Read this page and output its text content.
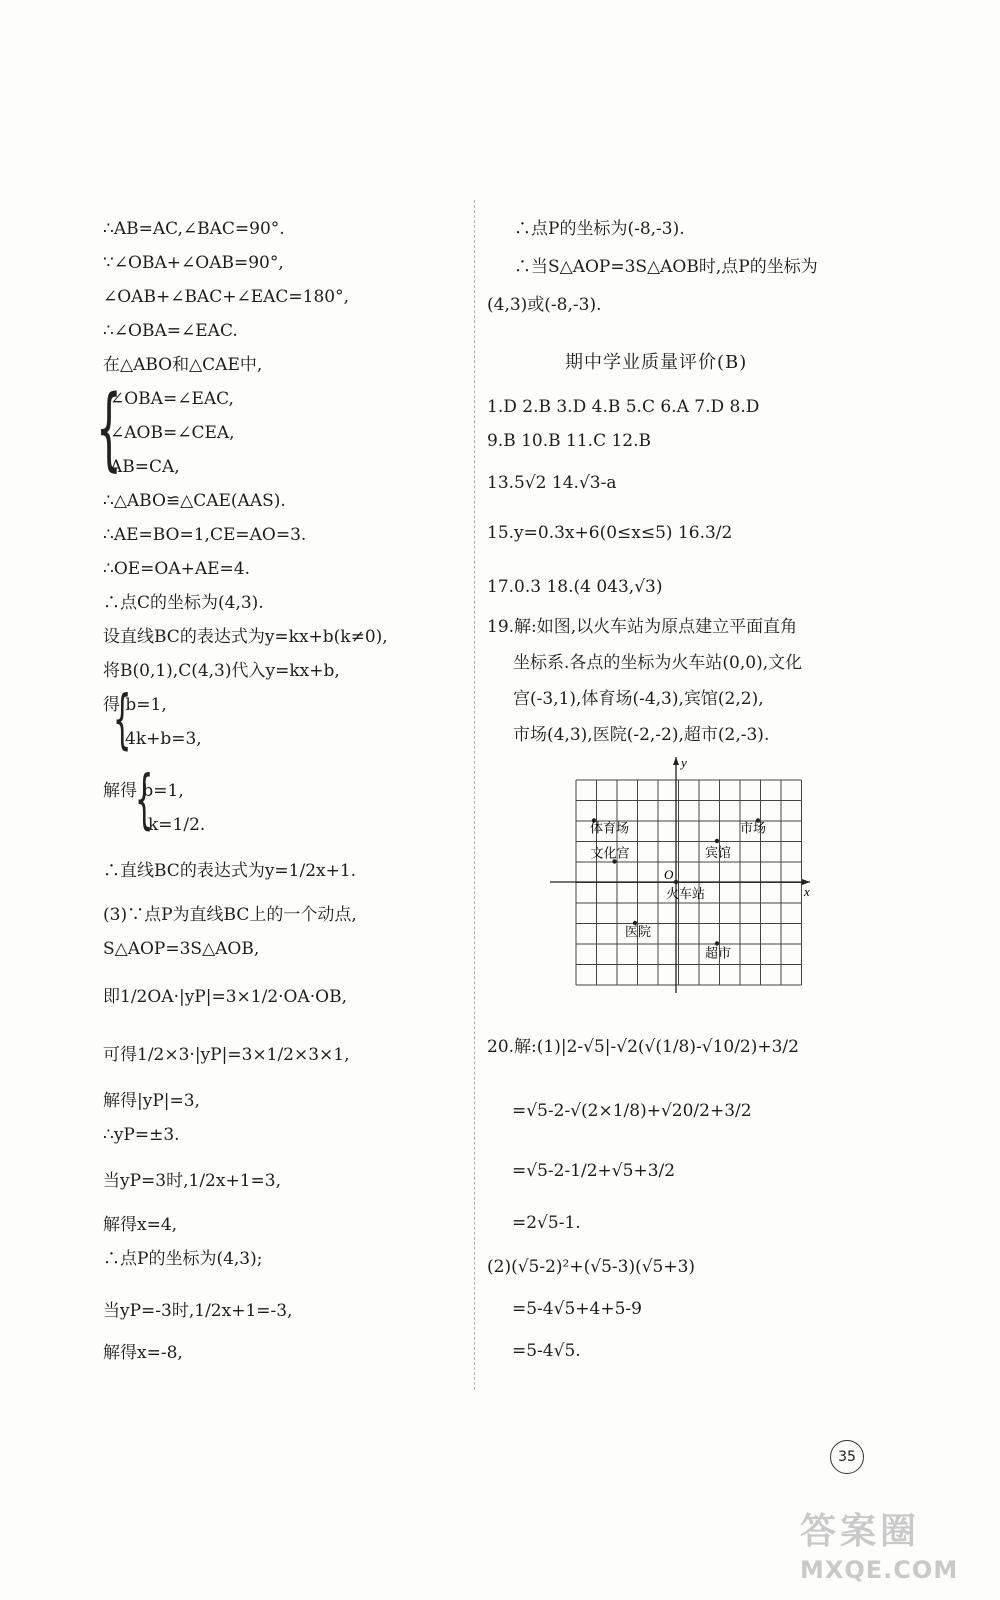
∴AB=AC,∠BAC=90°.
∵∠OBA+∠OAB=90°,
∠OAB+∠BAC+∠EAC=180°,
∴∠OBA=∠EAC.
在△ABO和△CAE中,
{
∠OBA=∠EAC,
∠AOB=∠CEA,
AB=CA,
∴△ABO≌△CAE(AAS).
∴AE=BO=1,CE=AO=3.
∴OE=OA+AE=4.
∴点C的坐标为(4,3).
设直线BC的表达式为y=kx+b(k≠0),
将B(0,1),C(4,3)代入y=kx+b,
{
得 b=1,
4k+b=3,
{
解得 b=1,
k=1/2.
∴直线BC的表达式为y=1/2x+1.
(3)∵点P为直线BC上的一个动点,
S△AOP=3S△AOB,
即1/2OA·|yP|=3×1/2·OA·OB,
可得1/2×3·|yP|=3×1/2×3×1,
解得|yP|=3,
∴yP=±3.
当yP=3时,1/2x+1=3,
解得x=4,
∴点P的坐标为(4,3);
当yP=-3时,1/2x+1=-3,
解得x=-8,
∴点P的坐标为(-8,-3).
∴当S△AOP=3S△AOB时,点P的坐标为
(4,3)或(-8,-3).
期中学业质量评价(B)
1.D 2.B 3.D 4.B 5.C 6.A 7.D 8.D
9.B 10.B 11.C 12.B
13.5√2 14.√3-a
15.y=0.3x+6(0≤x≤5) 16.3/2
17.0.3 18.(4 043,√3)
19.解:如图,以火车站为原点建立平面直角
坐标系.各点的坐标为火车站(0,0),文化
宫(-3,1),体育场(-4,3),宾馆(2,2),
市场(4,3),医院(-2,-2),超市(2,-3).
x
y
O
体育场	市场
宾馆
文化宫
火车站
医院
超市
20.解:(1)|2-√5|-√2(√(1/8)-√10/2)+3/2
=√5-2-√(2×1/8)+√20/2+3/2
=√5-2-1/2+√5+3/2
=2√5-1.
(2)(√5-2)²+(√5-3)(√5+3)
=5-4√5+4+5-9
=5-4√5.
35
答案圈
MXQE.COM
